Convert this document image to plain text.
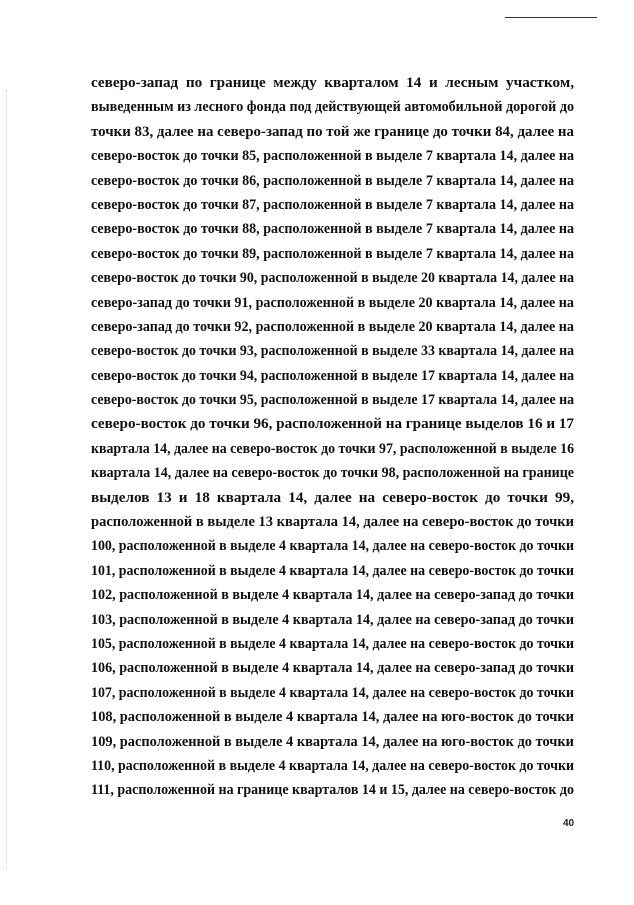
северо-запад по границе между кварталом 14 и лесным участком,
выведенным из лесного фонда под действующей автомобильной дорогой до
точки 83, далее на северо-запад по той же границе до точки 84, далее на
северо-восток до точки 85, расположенной в выделе 7 квартала 14, далее на
северо-восток до точки 86, расположенной в выделе 7 квартала 14, далее на
северо-восток до точки 87, расположенной в выделе 7 квартала 14, далее на
северо-восток до точки 88, расположенной в выделе 7 квартала 14, далее на
северо-восток до точки 89, расположенной в выделе 7 квартала 14, далее на
северо-восток до точки 90, расположенной в выделе 20 квартала 14, далее на
северо-запад до точки 91, расположенной в выделе 20 квартала 14, далее на
северо-запад до точки 92, расположенной в выделе 20 квартала 14, далее на
северо-восток до точки 93, расположенной в выделе 33 квартала 14, далее на
северо-восток до точки 94, расположенной в выделе 17 квартала 14, далее на
северо-восток до точки 95, расположенной в выделе 17 квартала 14, далее на
северо-восток до точки 96, расположенной на границе выделов 16 и 17
квартала 14, далее на северо-восток до точки 97, расположенной в выделе 16
квартала 14, далее на северо-восток до точки 98, расположенной на границе
выделов 13 и 18 квартала 14, далее на северо-восток до точки 99,
расположенной в выделе 13 квартала 14, далее на северо-восток до точки
100, расположенной в выделе 4 квартала 14, далее на северо-восток до точки
101, расположенной в выделе 4 квартала 14, далее на северо-восток до точки
102, расположенной в выделе 4 квартала 14, далее на северо-запад до точки
103, расположенной в выделе 4 квартала 14, далее на северо-запад до точки
105, расположенной в выделе 4 квартала 14, далее на северо-восток до точки
106, расположенной в выделе 4 квартала 14, далее на северо-запад до точки
107, расположенной в выделе 4 квартала 14, далее на северо-восток до точки
108, расположенной в выделе 4 квартала 14, далее на юго-восток до точки
109, расположенной в выделе 4 квартала 14, далее на юго-восток до точки
110, расположенной в выделе 4 квартала 14, далее на северо-восток до точки
111, расположенной на границе кварталов 14 и 15, далее на северо-восток до
40
